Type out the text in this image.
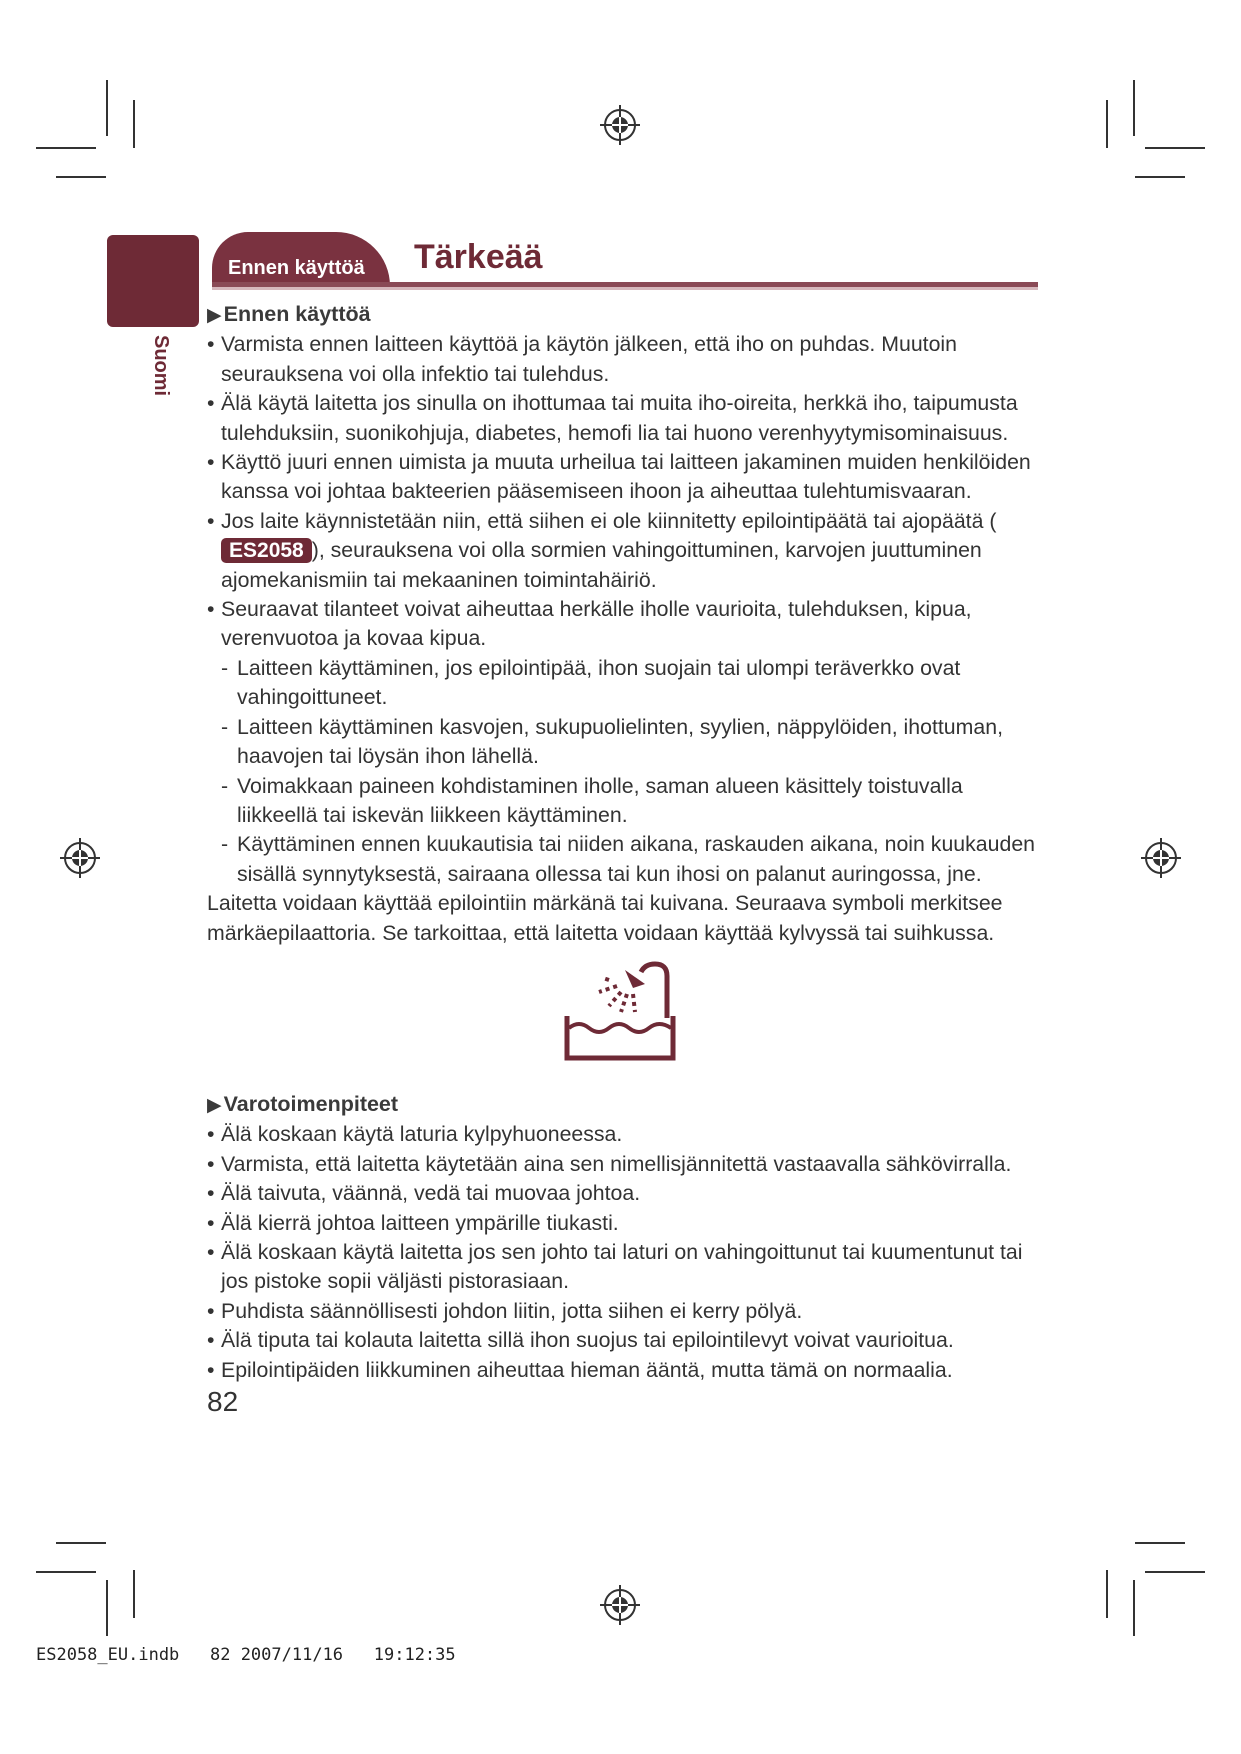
Suomi
Ennen käyttöä Tärkeää

▶Ennen käyttöä

• Varmista ennen laitteen käyttöä ja käytön jälkeen, että iho on puhdas. Muutoin seurauksena voi olla infektio tai tulehdus.

• Älä käytä laitetta jos sinulla on ihottumaa tai muita iho-oireita, herkkä iho, taipumusta tulehduksiin, suonikohjuja, diabetes, hemofi lia tai huono verenhyytymisominaisuus.

• Käyttö juuri ennen uimista ja muuta urheilua tai laitteen jakaminen muiden henkilöiden kanssa voi johtaa bakteerien pääsemiseen ihoon ja aiheuttaa tulehtumisvaaran.

• Jos laite käynnistetään niin, että siihen ei ole kiinnitetty epilointipäätä tai ajopäätä (ES2058 ), seurauksena voi olla sormien vahingoittuminen, karvojen juuttuminen ajomekanismiin tai mekaaninen toimintahäiriö.

• Seuraavat tilanteet voivat aiheuttaa herkälle iholle vaurioita, tulehduksen, kipua, verenvuotoa ja kovaa kipua.

- Laitteen käyttäminen, jos epilointipää, ihon suojain tai ulompi teräverkko ovat vahingoittuneet.

- Laitteen käyttäminen kasvojen, sukupuolielinten, syylien, näppylöiden, ihottuman, haavojen tai löysän ihon lähellä.

- Voimakkaan paineen kohdistaminen iholle, saman alueen käsittely toistuvalla liikkeellä tai iskevän liikkeen käyttäminen.

- Käyttäminen ennen kuukautisia tai niiden aikana, raskauden aikana, noin kuukauden sisällä synnytyksestä, sairaana ollessa tai kun ihosi on palanut auringossa, jne.

Laitetta voidaan käyttää epilointiin märkänä tai kuivana. Seuraava symboli merkitsee märkäepilaattoria. Se tarkoittaa, että laitetta voidaan käyttää kylvyssä tai suihkussa.

▶Varotoimenpiteet

• Älä koskaan käytä laturia kylpyhuoneessa.

• Varmista, että laitetta käytetään aina sen nimellisjännitettä vastaavalla sähkövirralla.

• Älä taivuta, väännä, vedä tai muovaa johtoa.

• Älä kierrä johtoa laitteen ympärille tiukasti.

• Älä koskaan käytä laitetta jos sen johto tai laturi on vahingoittunut tai kuumentunut tai jos pistoke sopii väljästi pistorasiaan.

• Puhdista säännöllisesti johdon liitin, jotta siihen ei kerry pölyä.

• Älä tiputa tai kolauta laitetta sillä ihon suojus tai epilointilevyt voivat vaurioitua.

• Epilointipäiden liikkuminen aiheuttaa hieman ääntä, mutta tämä on normaalia.

82

ES2058_EU.indb   82 2007/11/16   19:12:35
